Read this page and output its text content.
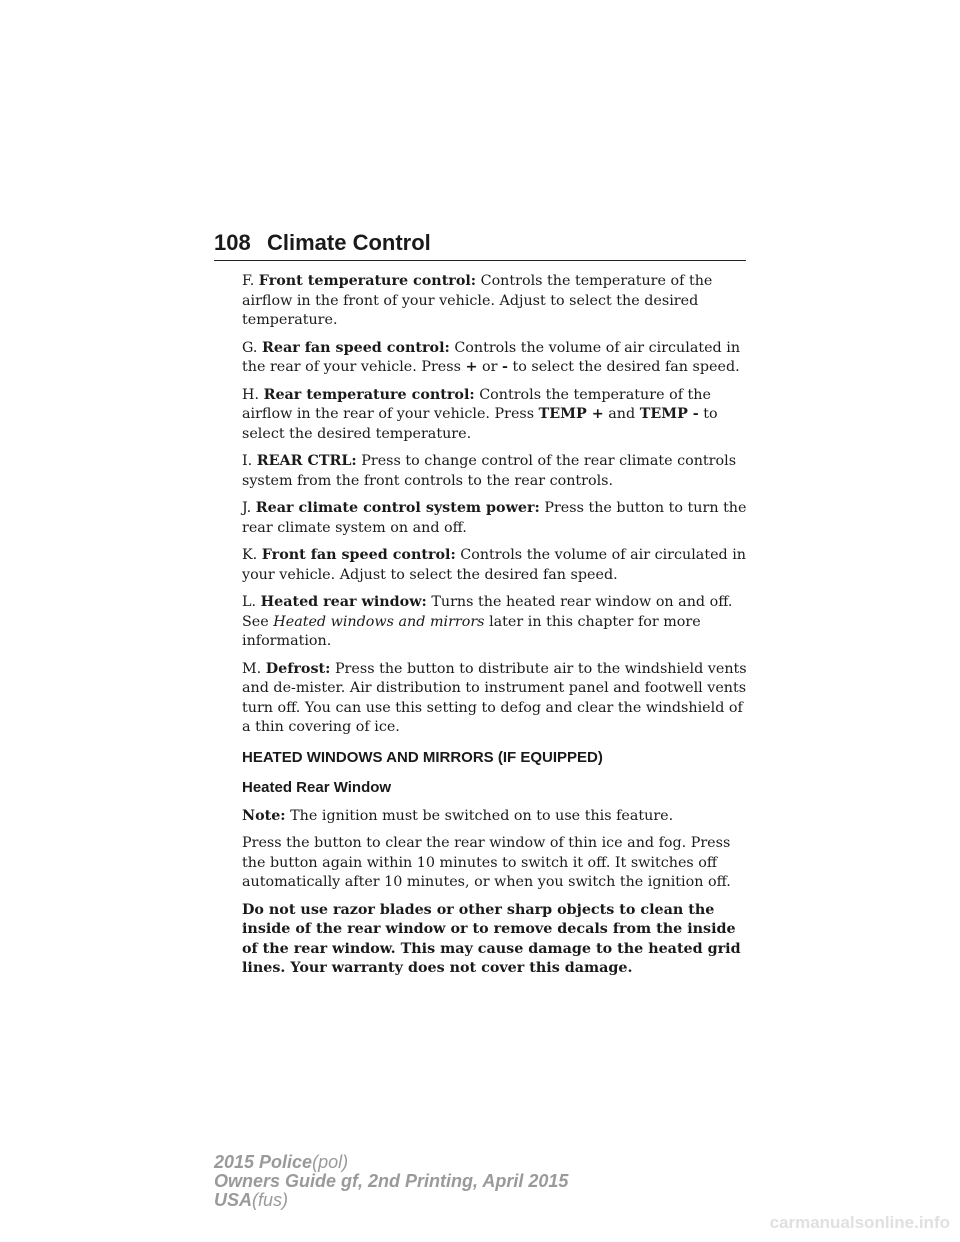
108 Climate Control

F. Front temperature control: Controls the temperature of the airflow in the front of your vehicle. Adjust to select the desired temperature.

G. Rear fan speed control: Controls the volume of air circulated in the rear of your vehicle. Press + or - to select the desired fan speed.

H. Rear temperature control: Controls the temperature of the airflow in the rear of your vehicle. Press TEMP + and TEMP - to select the desired temperature.

I. REAR CTRL: Press to change control of the rear climate controls system from the front controls to the rear controls.

J. Rear climate control system power: Press the button to turn the rear climate system on and off.

K. Front fan speed control: Controls the volume of air circulated in your vehicle. Adjust to select the desired fan speed.

L. Heated rear window: Turns the heated rear window on and off. See Heated windows and mirrors later in this chapter for more information.

M. Defrost: Press the button to distribute air to the windshield vents and de-mister. Air distribution to instrument panel and footwell vents turn off. You can use this setting to defog and clear the windshield of a thin covering of ice.

HEATED WINDOWS AND MIRRORS (IF EQUIPPED)
Heated Rear Window

Note: The ignition must be switched on to use this feature.

Press the button to clear the rear window of thin ice and fog. Press the button again within 10 minutes to switch it off. It switches off automatically after 10 minutes, or when you switch the ignition off.

Do not use razor blades or other sharp objects to clean the inside of the rear window or to remove decals from the inside of the rear window. This may cause damage to the heated grid lines. Your warranty does not cover this damage.

2015 Police(pol)
Owners Guide gf, 2nd Printing, April 2015
USA(fus)
carmanualsonline.info
